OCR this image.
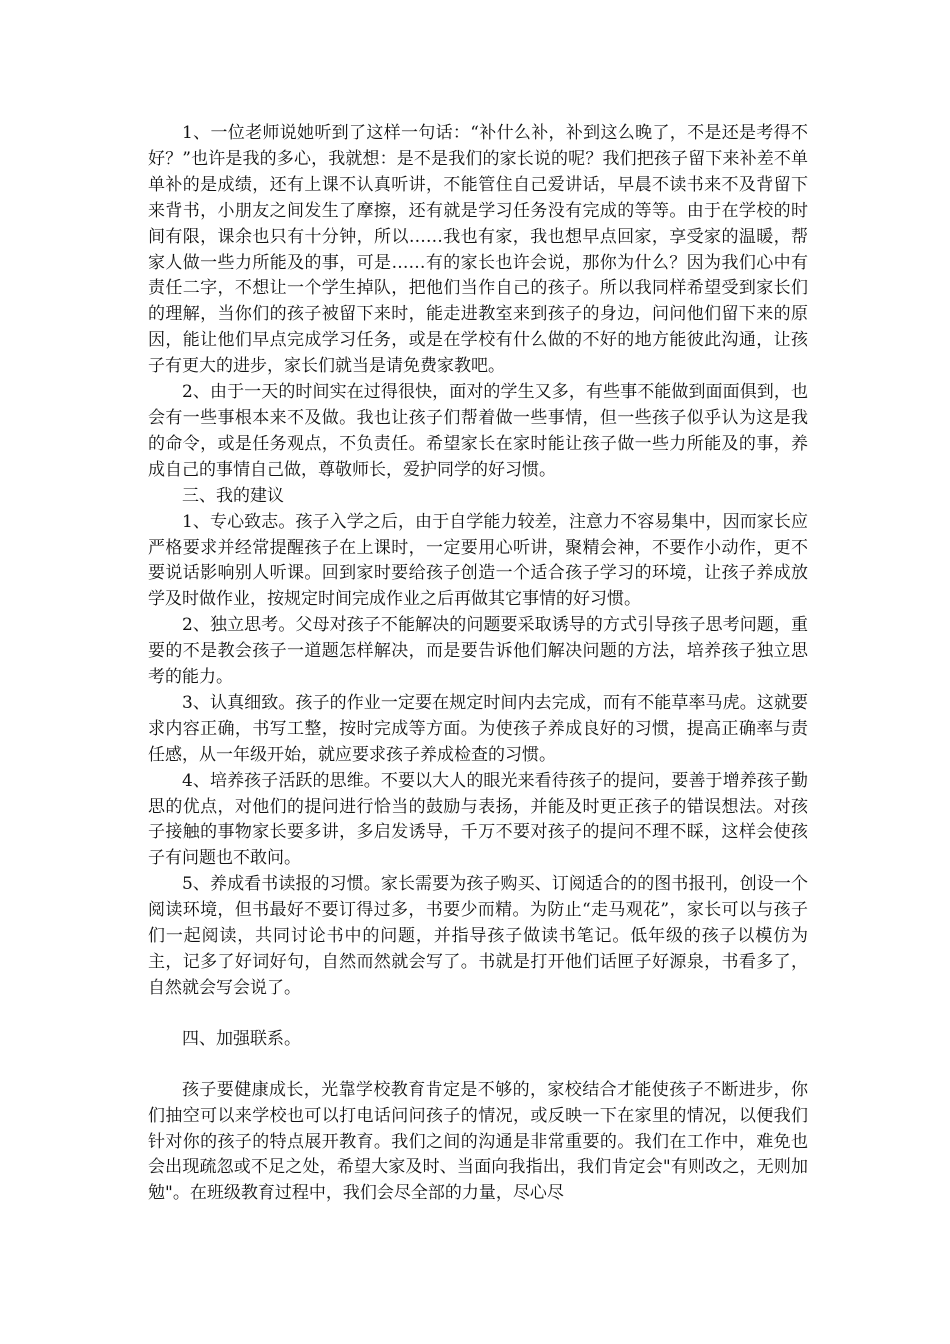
1、一位老师说她听到了这样一句话：“补什么补，补到这么晚了，不是还是考得不好？”也许是我的多心，我就想：是不是我们的家长说的呢？我们把孩子留下来补差不单单补的是成绩，还有上课不认真听讲，不能管住自己爱讲话，早晨不读书来不及背留下来背书，小朋友之间发生了摩擦，还有就是学习任务没有完成的等等。由于在学校的时间有限，课余也只有十分钟，所以……我也有家，我也想早点回家，享受家的温暖，帮家人做一些力所能及的事，可是……有的家长也许会说，那你为什么？因为我们心中有责任二字，不想让一个学生掉队，把他们当作自己的孩子。所以我同样希望受到家长们的理解，当你们的孩子被留下来时，能走进教室来到孩子的身边，问问他们留下来的原因，能让他们早点完成学习任务，或是在学校有什么做的不好的地方能彼此沟通，让孩子有更大的进步，家长们就当是请免费家教吧。

2、由于一天的时间实在过得很快，面对的学生又多，有些事不能做到面面俱到，也会有一些事根本来不及做。我也让孩子们帮着做一些事情，但一些孩子似乎认为这是我的命令，或是任务观点，不负责任。希望家长在家时能让孩子做一些力所能及的事，养成自己的事情自己做，尊敬师长，爱护同学的好习惯。

三、我的建议

1、专心致志。孩子入学之后，由于自学能力较差，注意力不容易集中，因而家长应严格要求并经常提醒孩子在上课时，一定要用心听讲，聚精会神，不要作小动作，更不要说话影响别人听课。回到家时要给孩子创造一个适合孩子学习的环境，让孩子养成放学及时做作业，按规定时间完成作业之后再做其它事情的好习惯。

2、独立思考。父母对孩子不能解决的问题要采取诱导的方式引导孩子思考问题，重要的不是教会孩子一道题怎样解决，而是要告诉他们解决问题的方法，培养孩子独立思考的能力。

3、认真细致。孩子的作业一定要在规定时间内去完成，而有不能草率马虎。这就要求内容正确，书写工整，按时完成等方面。为使孩子养成良好的习惯，提高正确率与责任感，从一年级开始，就应要求孩子养成检查的习惯。

4、培养孩子活跃的思维。不要以大人的眼光来看待孩子的提问，要善于增养孩子勤思的优点，对他们的提问进行恰当的鼓励与表扬，并能及时更正孩子的错误想法。对孩子接触的事物家长要多讲，多启发诱导，千万不要对孩子的提问不理不睬，这样会使孩子有问题也不敢问。

5、养成看书读报的习惯。家长需要为孩子购买、订阅适合的的图书报刊，创设一个阅读环境，但书最好不要订得过多，书要少而精。为防止“走马观花”，家长可以与孩子们一起阅读，共同讨论书中的问题，并指导孩子做读书笔记。低年级的孩子以模仿为主，记多了好词好句，自然而然就会写了。书就是打开他们话匣子好源泉，书看多了，自然就会写会说了。

四、加强联系。

孩子要健康成长，光靠学校教育肯定是不够的，家校结合才能使孩子不断进步，你们抽空可以来学校也可以打电话问问孩子的情况，或反映一下在家里的情况，以便我们针对你的孩子的特点展开教育。我们之间的沟通是非常重要的。我们在工作中，难免也会出现疏忽或不足之处，希望大家及时、当面向我指出，我们肯定会"有则改之，无则加勉"。在班级教育过程中，我们会尽全部的力量，尽心尽
